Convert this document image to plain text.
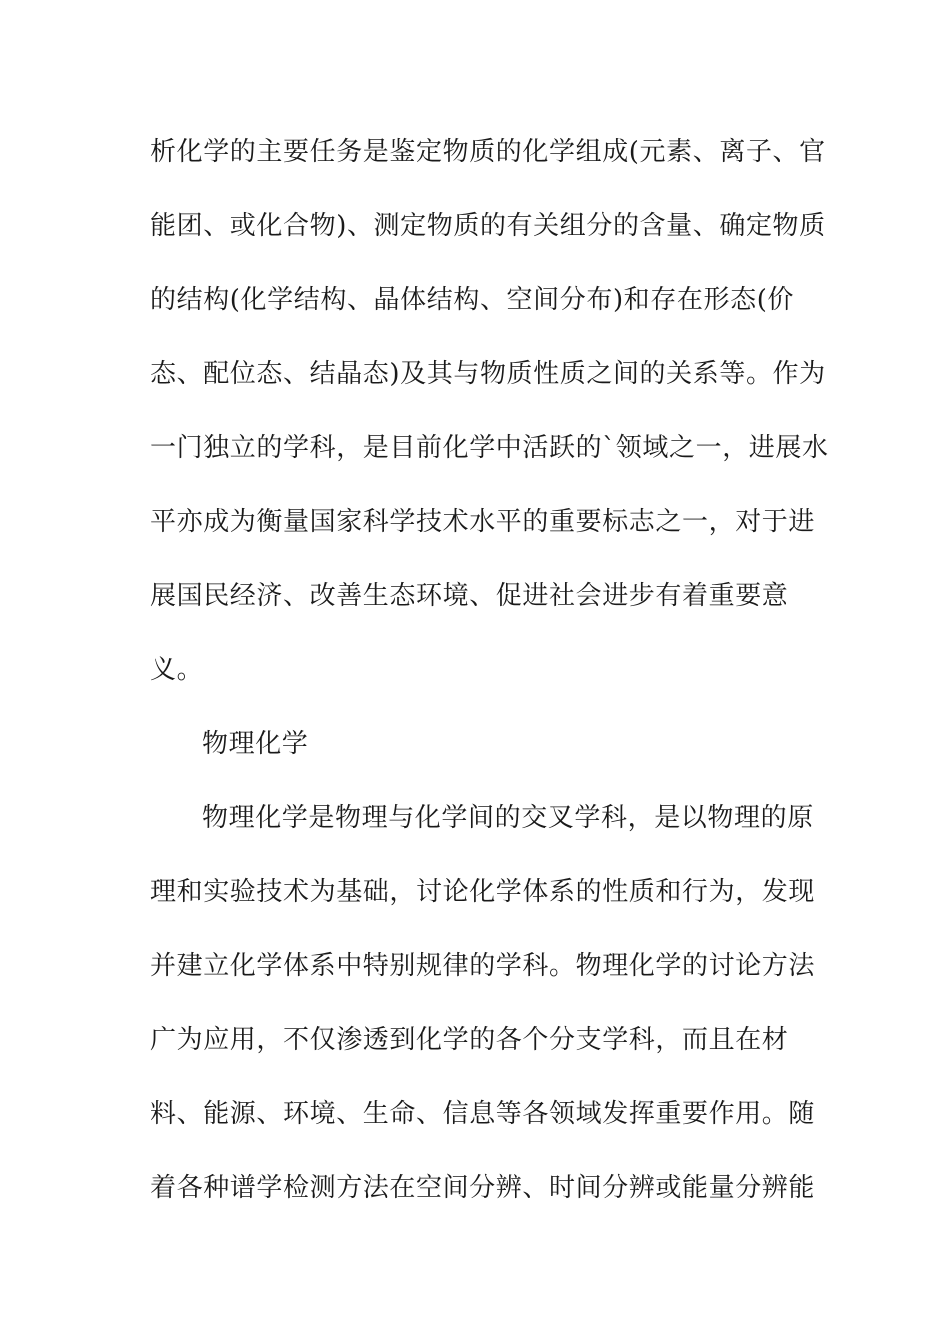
析化学的主要任务是鉴定物质的化学组成(元素、离子、官
能团、或化合物)、测定物质的有关组分的含量、确定物质
的结构(化学结构、晶体结构、空间分布)和存在形态(价
态、配位态、结晶态)及其与物质性质之间的关系等。作为
一门独立的学科，是目前化学中活跃的`领域之一，进展水
平亦成为衡量国家科学技术水平的重要标志之一，对于进
展国民经济、改善生态环境、促进社会进步有着重要意
义。
物理化学
物理化学是物理与化学间的交叉学科，是以物理的原
理和实验技术为基础，讨论化学体系的性质和行为，发现
并建立化学体系中特别规律的学科。物理化学的讨论方法
广为应用，不仅渗透到化学的各个分支学科，而且在材
料、能源、环境、生命、信息等各领域发挥重要作用。随
着各种谱学检测方法在空间分辨、时间分辨或能量分辨能
